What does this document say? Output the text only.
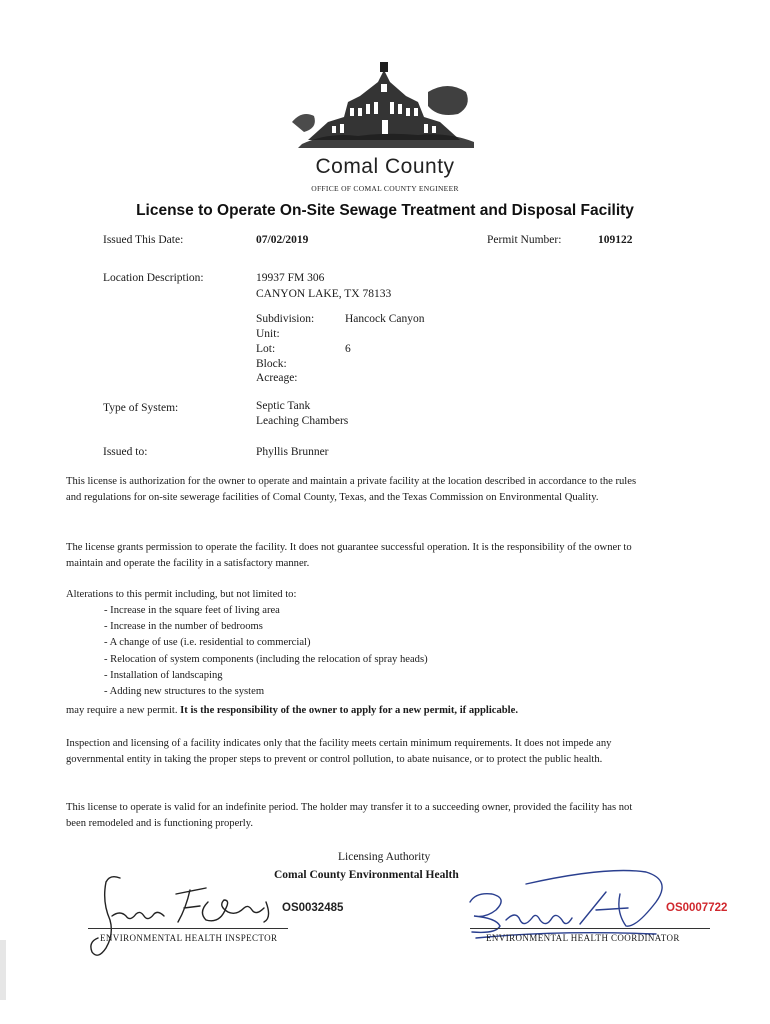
Comal County
OFFICE OF COMAL COUNTY ENGINEER
License to Operate On-Site Sewage Treatment and Disposal Facility
Issued This Date:	07/02/2019	Permit Number:	109122
Location Description:	19937 FM 306
CANYON LAKE, TX 78133
Subdivision:	Hancock Canyon
Unit:
Lot:	6
Block:
Acreage:
Type of System:	Septic Tank
Leaching Chambers
Issued to:	Phyllis Brunner
This license is authorization for the owner to operate and maintain a private facility at the location described in accordance to the rules and regulations for on-site sewerage facilities of Comal County, Texas, and the Texas Commission on Environmental Quality.
The license grants permission to operate the facility. It does not guarantee successful operation. It is the responsibility of the owner to maintain and operate the facility in a satisfactory manner.
Alterations to this permit including, but not limited to:
- Increase in the square feet of living area
- Increase in the number of bedrooms
- A change of use (i.e. residential to commercial)
- Relocation of system components (including the relocation of spray heads)
- Installation of landscaping
- Adding new structures to the system
may require a new permit. It is the responsibility of the owner to apply for a new permit, if applicable.
Inspection and licensing of a facility indicates only that the facility meets certain minimum requirements. It does not impede any governmental entity in taking the proper steps to prevent or control pollution, to abate nuisance, or to protect the public health.
This license to operate is valid for an indefinite period. The holder may transfer it to a succeeding owner, provided the facility has not been remodeled and is functioning properly.
Licensing Authority
Comal County Environmental Health
OS0032485
ENVIRONMENTAL HEALTH INSPECTOR
OS0007722
ENVIRONMENTAL HEALTH COORDINATOR
